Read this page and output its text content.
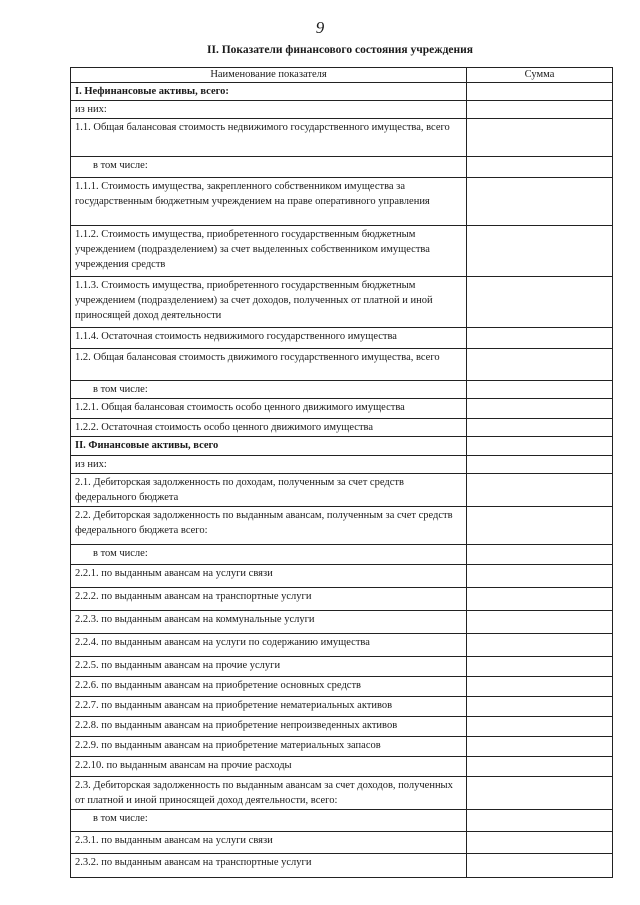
9
II. Показатели финансового состояния учреждения
Наименование показателя	Сумма
I. Нефинансовые активы, всего:	
из них:	
1.1. Общая балансовая стоимость недвижимого государственного имущества, всего	
в том числе:	
1.1.1. Стоимость имущества, закрепленного собственником имущества за государственным бюджетным учреждением на праве оперативного управления	
1.1.2. Стоимость имущества, приобретенного государственным бюджетным учреждением (подразделением) за счет выделенных собственником имущества учреждения средств	
1.1.3. Стоимость имущества, приобретенного государственным бюджетным учреждением (подразделением) за счет доходов, полученных от платной и иной приносящей доход деятельности	
1.1.4. Остаточная стоимость недвижимого государственного имущества	
1.2. Общая балансовая стоимость движимого государственного имущества, всего	
в том числе:	
1.2.1. Общая балансовая стоимость особо ценного движимого имущества	
1.2.2. Остаточная стоимость особо ценного движимого имущества	
II. Финансовые активы, всего	
из них:	
2.1. Дебиторская задолженность по доходам, полученным за счет средств федерального бюджета	
2.2. Дебиторская задолженность по выданным авансам, полученным за счет средств федерального бюджета всего:	
в том числе:	
2.2.1. по выданным авансам на услуги связи	
2.2.2. по выданным авансам на транспортные услуги	
2.2.3. по выданным авансам на коммунальные услуги	
2.2.4. по выданным авансам на услуги по содержанию имущества	
2.2.5. по выданным авансам на прочие услуги	
2.2.6. по выданным авансам на приобретение основных средств	
2.2.7. по выданным авансам на приобретение нематериальных активов	
2.2.8. по выданным авансам на приобретение непроизведенных активов	
2.2.9. по выданным авансам на приобретение материальных запасов	
2.2.10. по выданным авансам на прочие расходы	
2.3. Дебиторская задолженность по выданным авансам за счет доходов, полученных от платной и иной приносящей доход деятельности, всего:	
в том числе:	
2.3.1. по выданным авансам на услуги связи	
2.3.2. по выданным авансам на транспортные услуги	
